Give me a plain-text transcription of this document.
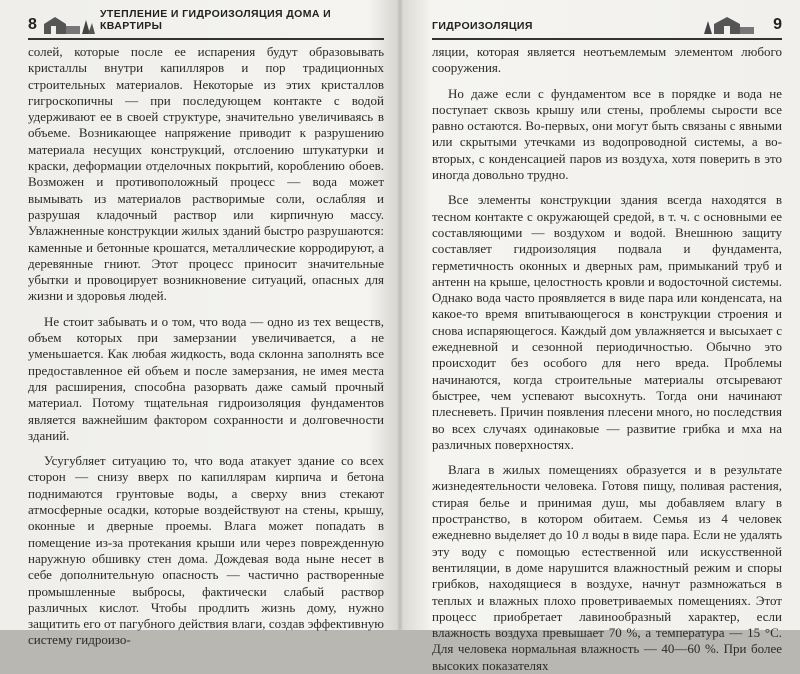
8
УТЕПЛЕНИЕ И ГИДРОИЗОЛЯЦИЯ ДОМА И КВАРТИРЫ

солей, которые после ее испарения будут образовывать кристаллы внутри капилляров и пор традиционных строительных материалов. Некоторые из этих кристаллов гигроскопичны — при последующем контакте с водой удерживают ее в своей структуре, значительно увеличиваясь в объеме. Возникающее напряжение приводит к разрушению материала несущих конструкций, отслоению штукатурки и краски, деформации отделочных покрытий, короблению обоев. Возможен и противоположный процесс — вода может вымывать из материалов растворимые соли, ослабляя и разрушая кладочный раствор или кирпичную массу. Увлажненные конструкции жилых зданий быстро разрушаются: каменные и бетонные крошатся, металлические корродируют, а деревянные гниют. Этот процесс приносит значительные убытки и провоцирует возникновение ситуаций, опасных для жизни и здоровья людей.

Не стоит забывать и о том, что вода — одно из тех веществ, объем которых при замерзании увеличивается, а не уменьшается. Как любая жидкость, вода склонна заполнять все предоставленное ей объем и после замерзания, не имея места для расширения, способна разорвать даже самый прочный материал. Потому тщательная гидроизоляция фундаментов является важнейшим фактором сохранности и долговечности зданий.

Усугубляет ситуацию то, что вода атакует здание со всех сторон — снизу вверх по капиллярам кирпича и бетона поднимаются грунтовые воды, а сверху вниз стекают атмосферные осадки, которые воздействуют на стены, крышу, оконные и дверные проемы. Влага может попадать в помещение из-за протекания крыши или через поврежденную наружную обшивку стен дома. Дождевая вода ныне несет в себе дополнительную опасность — частично растворенные промышленные выбросы, фактически слабый раствор различных кислот. Чтобы продлить жизнь дому, нужно защитить его от пагубного действия влаги, создав эффективную систему гидроизо-

ГИДРОИЗОЛЯЦИЯ	9

ляции, которая является неотъемлемым элементом любого сооружения.

Но даже если с фундаментом все в порядке и вода не поступает сквозь крышу или стены, проблемы сырости все равно остаются. Во-первых, они могут быть связаны с явными или скрытыми утечками из водопроводной системы, а во-вторых, с конденсацией паров из воздуха, хотя поверить в это иногда довольно трудно.

Все элементы конструкции здания всегда находятся в тесном контакте с окружающей средой, в т. ч. с основными ее составляющими — воздухом и водой. Внешнюю защиту составляет гидроизоляция подвала и фундамента, герметичность оконных и дверных рам, примыканий труб и антенн на крыше, целостность кровли и водосточной системы. Однако вода часто проявляется в виде пара или конденсата, на какое-то время впитывающегося в конструкции строения и снова испаряющегося. Каждый дом увлажняется и высыхает с ежедневной и сезонной периодичностью. Обычно это происходит без особого для него вреда. Проблемы начинаются, когда строительные материалы отсыревают быстрее, чем успевают высохнуть. Тогда они начинают плесневеть. Причин появления плесени много, но последствия во всех случаях одинаковые — развитие грибка и мха на различных поверхностях.

Влага в жилых помещениях образуется и в результате жизнедеятельности человека. Готовя пищу, поливая растения, стирая белье и принимая душ, мы добавляем влагу в пространство, в котором обитаем. Семья из 4 человек ежедневно выделяет до 10 л воды в виде пара. Если не удалять эту воду с помощью естественной или искусственной вентиляции, в доме нарушится влажностный режим и споры грибков, находящиеся в воздухе, начнут размножаться в теплых и влажных плохо проветриваемых помещениях. Этот процесс приобретает лавинообразный характер, если влажность воздуха превышает 70 %, а температура — 15 °С. Для человека нормальная влажность — 40—60 %. При более высоких показателях
